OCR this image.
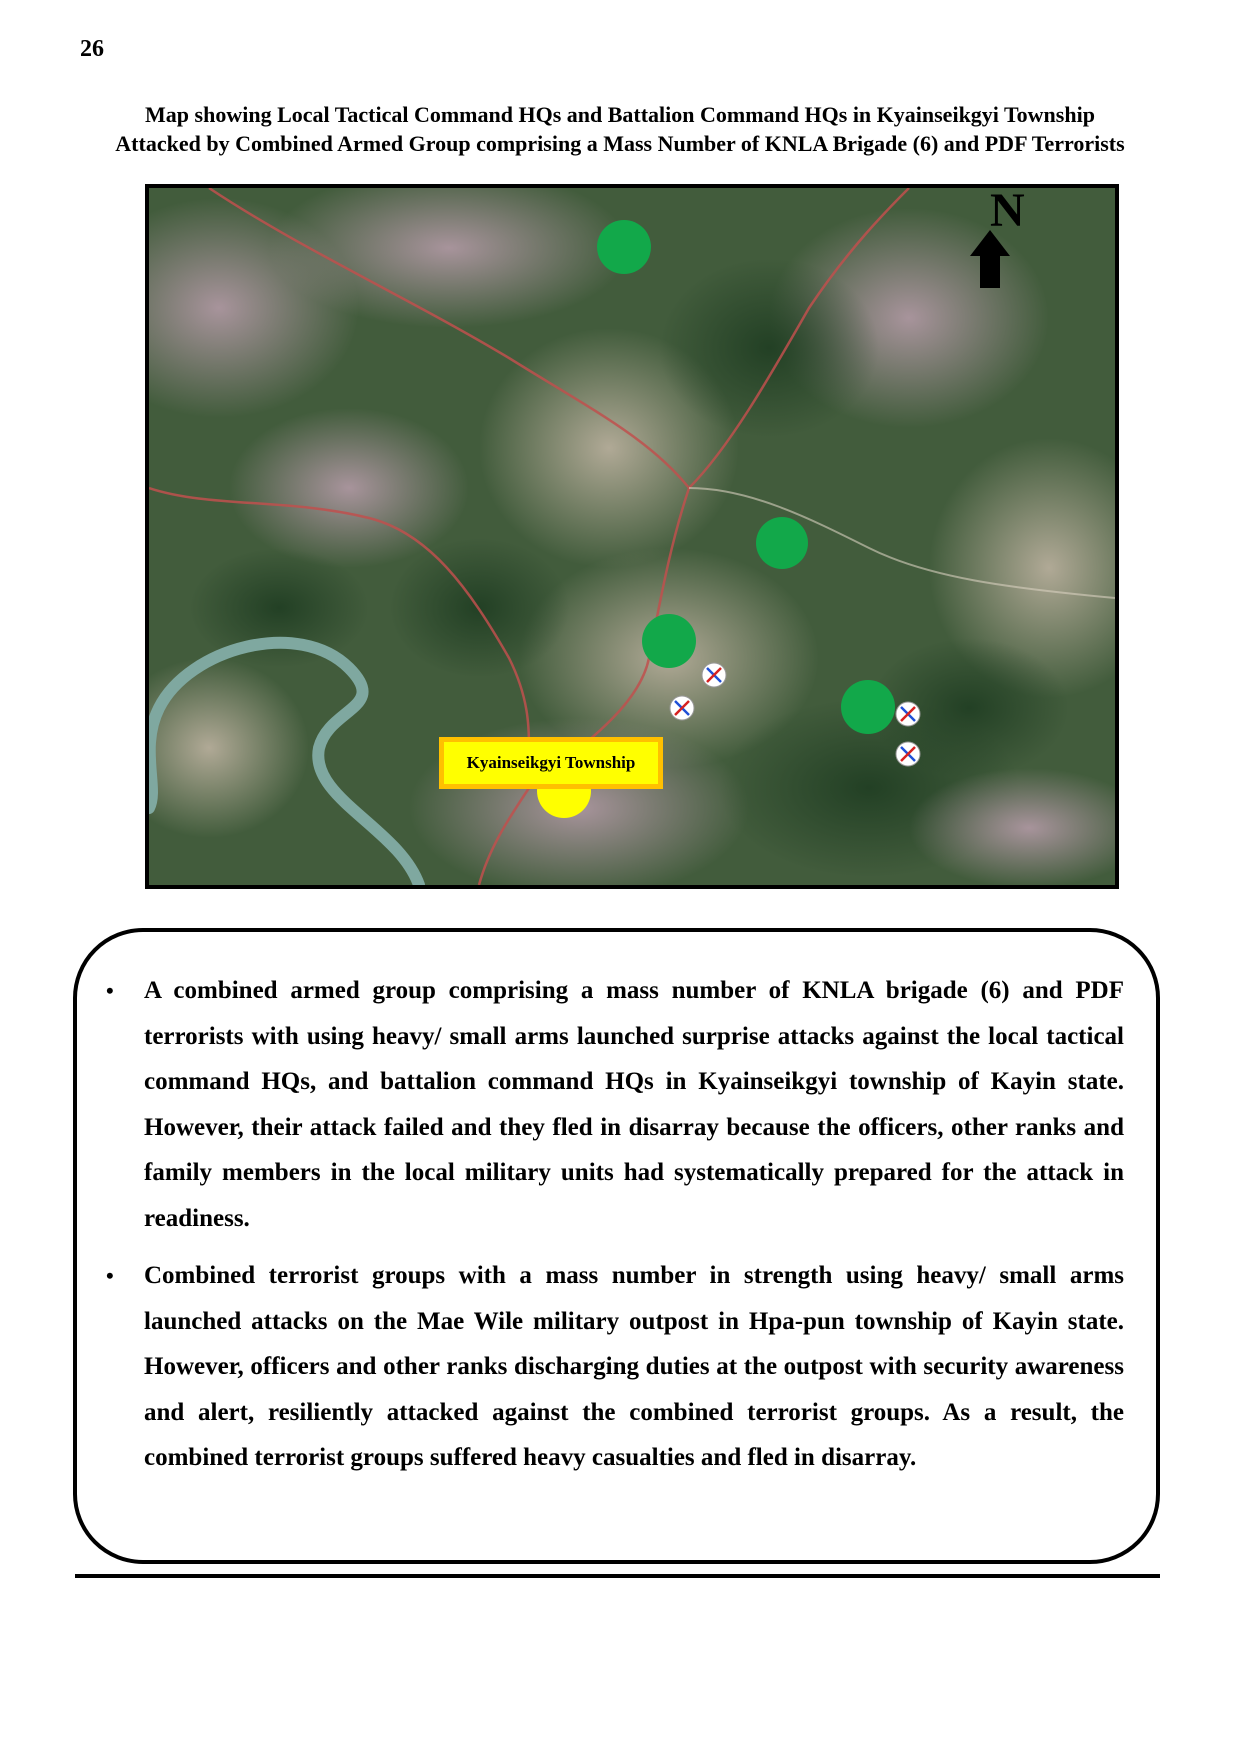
26
Map showing Local Tactical Command HQs and Battalion Command HQs in Kyainseikgyi Township
Attacked by Combined Armed Group comprising a Mass Number of KNLA Brigade (6) and PDF Terrorists
N
Kyainseikgyi Township
• A combined armed group comprising a mass number of KNLA brigade (6) and PDF terrorists with using heavy/ small arms launched surprise attacks against the local tactical command HQs, and battalion command HQs in Kyainseikgyi township of Kayin state. However, their attack failed and they fled in disarray because the officers, other ranks and family members in the local military units had systematically prepared for the attack in readiness.
• Combined terrorist groups with a mass number in strength using heavy/ small arms launched attacks on the Mae Wile military outpost in Hpa-pun township of Kayin state. However, officers and other ranks discharging duties at the outpost with security awareness and alert, resiliently attacked against the combined terrorist groups. As a result, the combined terrorist groups suffered heavy casualties and fled in disarray.
